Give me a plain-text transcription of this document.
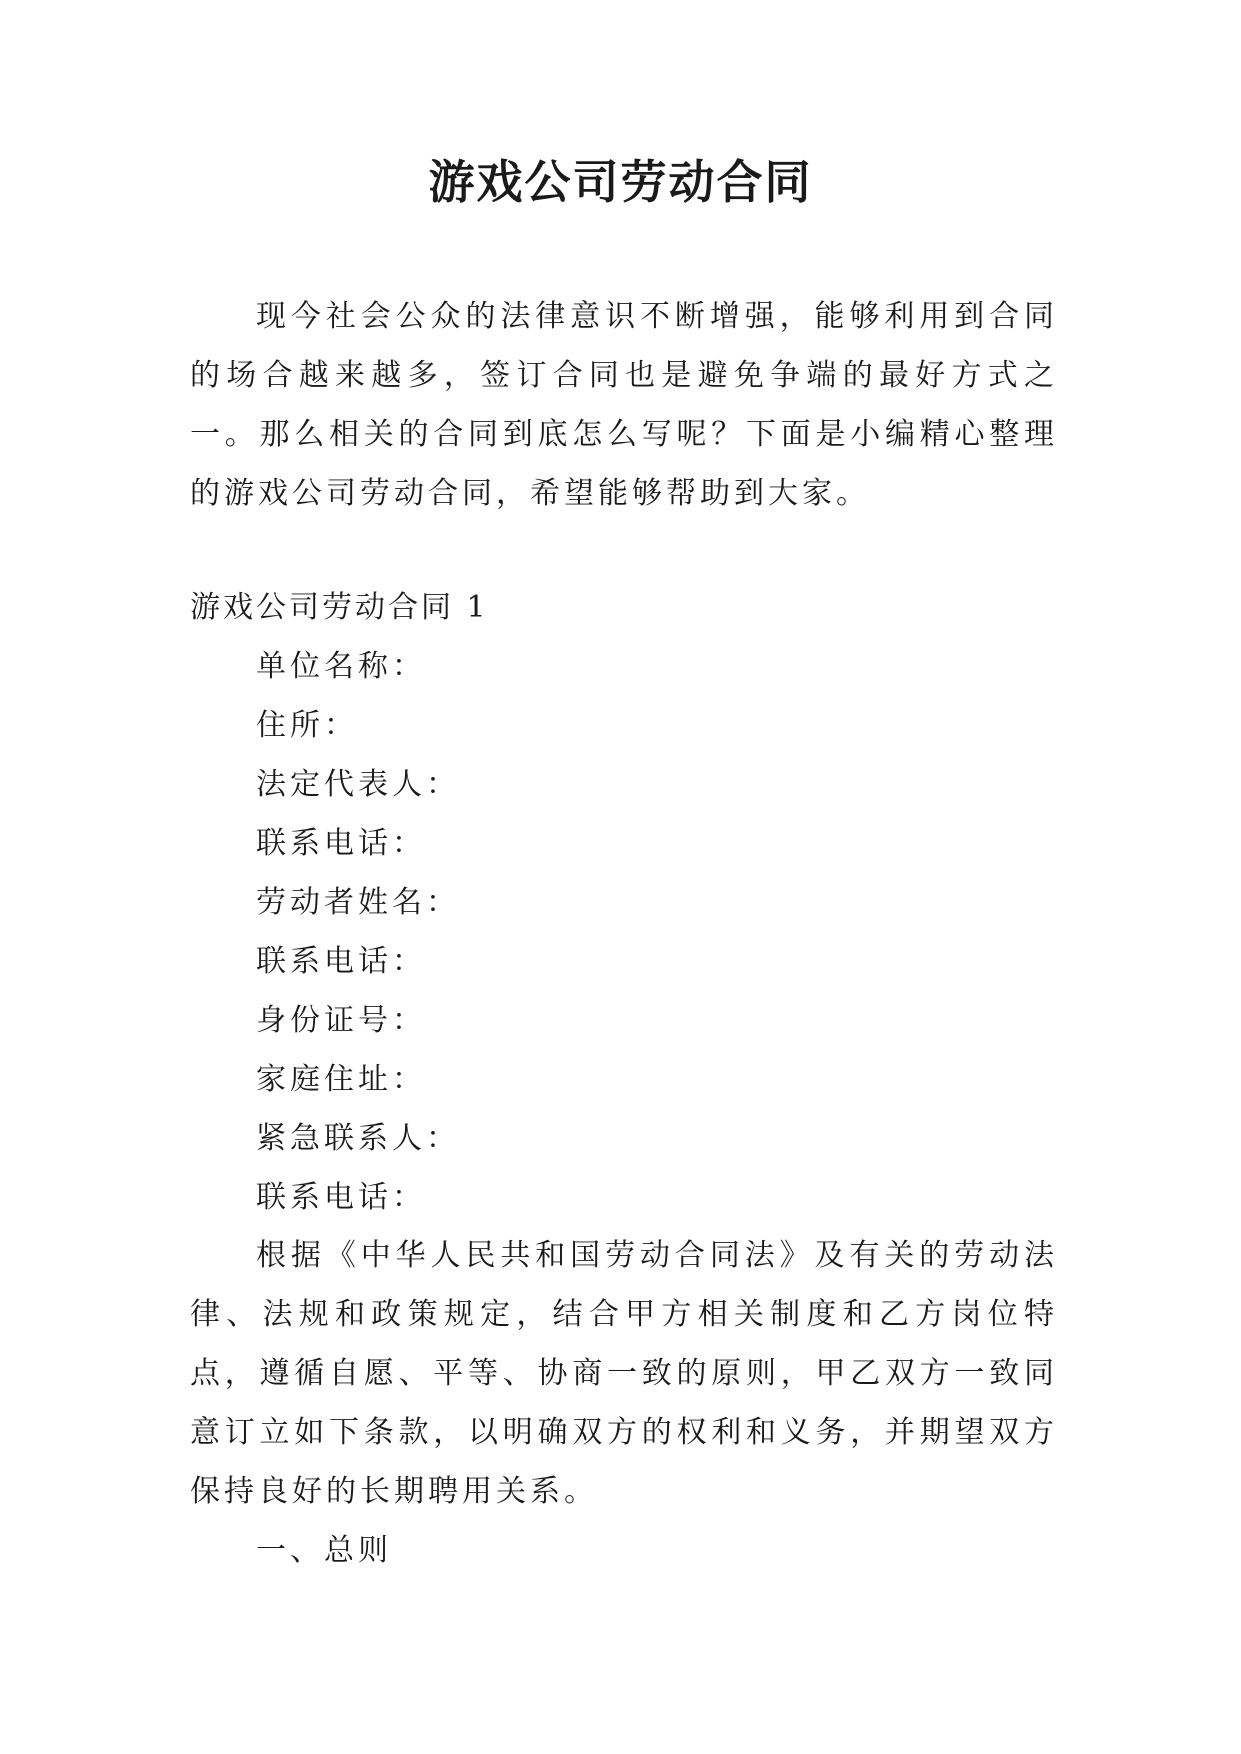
游戏公司劳动合同

现今社会公众的法律意识不断增强，能够利用到合同的场合越来越多，签订合同也是避免争端的最好方式之一。那么相关的合同到底怎么写呢？下面是小编精心整理的游戏公司劳动合同，希望能够帮助到大家。

游戏公司劳动合同 1

单位名称：
住所：
法定代表人：
联系电话：
劳动者姓名：
联系电话：
身份证号：
家庭住址：
紧急联系人：
联系电话：

根据《中华人民共和国劳动合同法》及有关的劳动法律、法规和政策规定，结合甲方相关制度和乙方岗位特点，遵循自愿、平等、协商一致的原则，甲乙双方一致同意订立如下条款，以明确双方的权利和义务，并期望双方保持良好的长期聘用关系。

一、总则
